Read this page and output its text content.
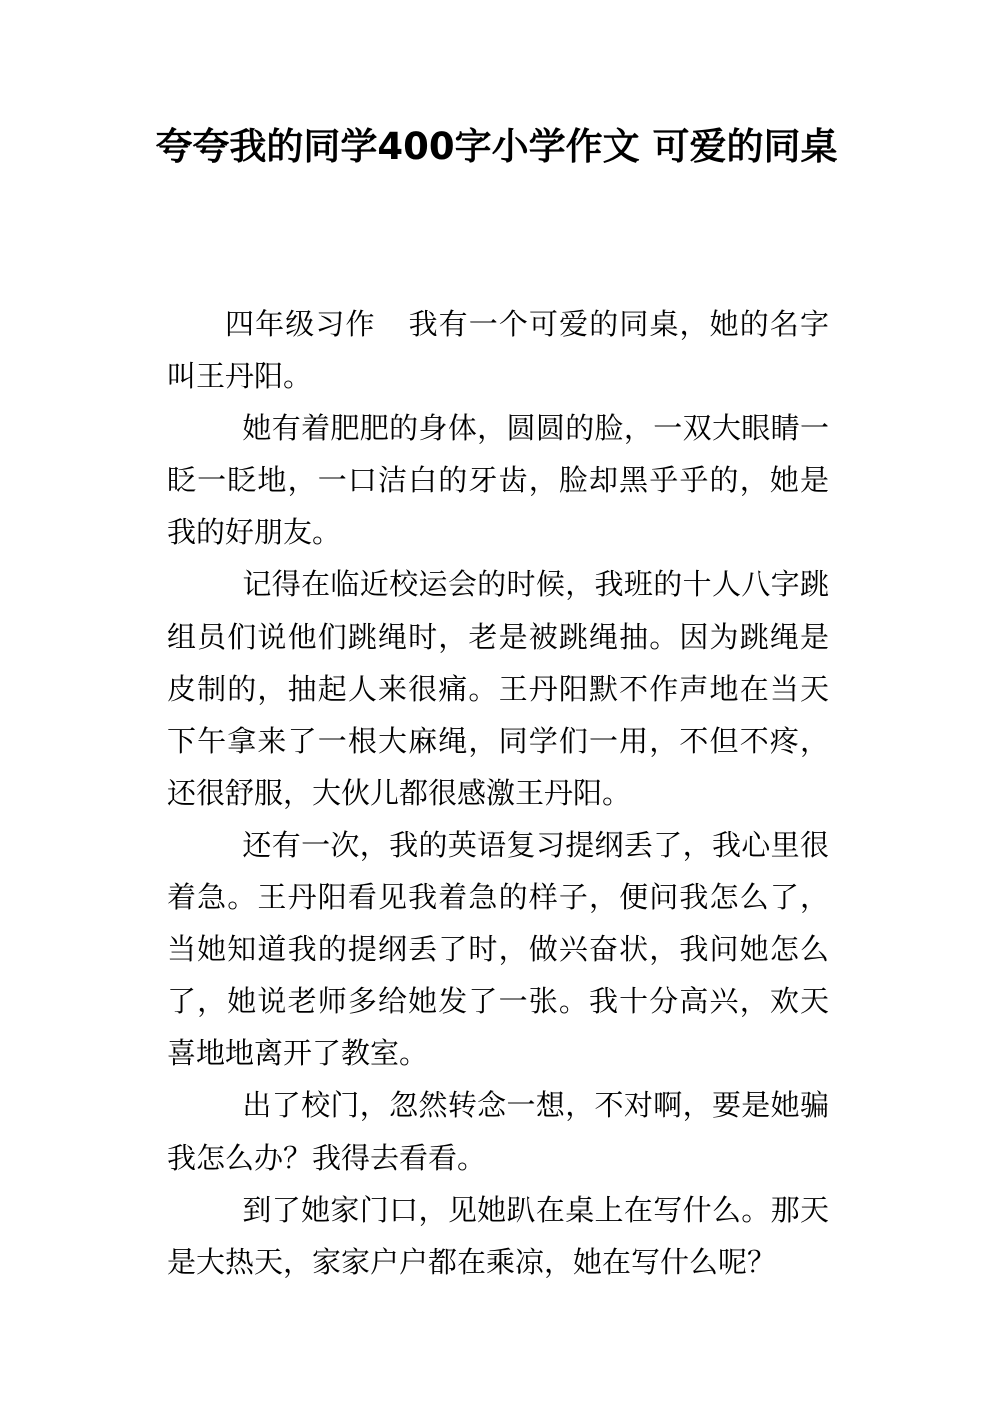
夸夸我的同学400字小学作文 可爱的同桌

四年级习作 我有一个可爱的同桌，她的名字叫王丹阳。

她有着肥肥的身体，圆圆的脸，一双大眼睛一眨一眨地，一口洁白的牙齿，脸却黑乎乎的，她是我的好朋友。

记得在临近校运会的时候，我班的十人八字跳组员们说他们跳绳时，老是被跳绳抽。因为跳绳是皮制的，抽起人来很痛。王丹阳默不作声地在当天下午拿来了一根大麻绳，同学们一用，不但不疼，还很舒服，大伙儿都很感激王丹阳。

还有一次，我的英语复习提纲丢了，我心里很着急。王丹阳看见我着急的样子，便问我怎么了，当她知道我的提纲丢了时，做兴奋状，我问她怎么了，她说老师多给她发了一张。我十分高兴，欢天喜地地离开了教室。

出了校门，忽然转念一想，不对啊，要是她骗我怎么办？我得去看看。

到了她家门口，见她趴在桌上在写什么。那天是大热天，家家户户都在乘凉，她在写什么呢？
